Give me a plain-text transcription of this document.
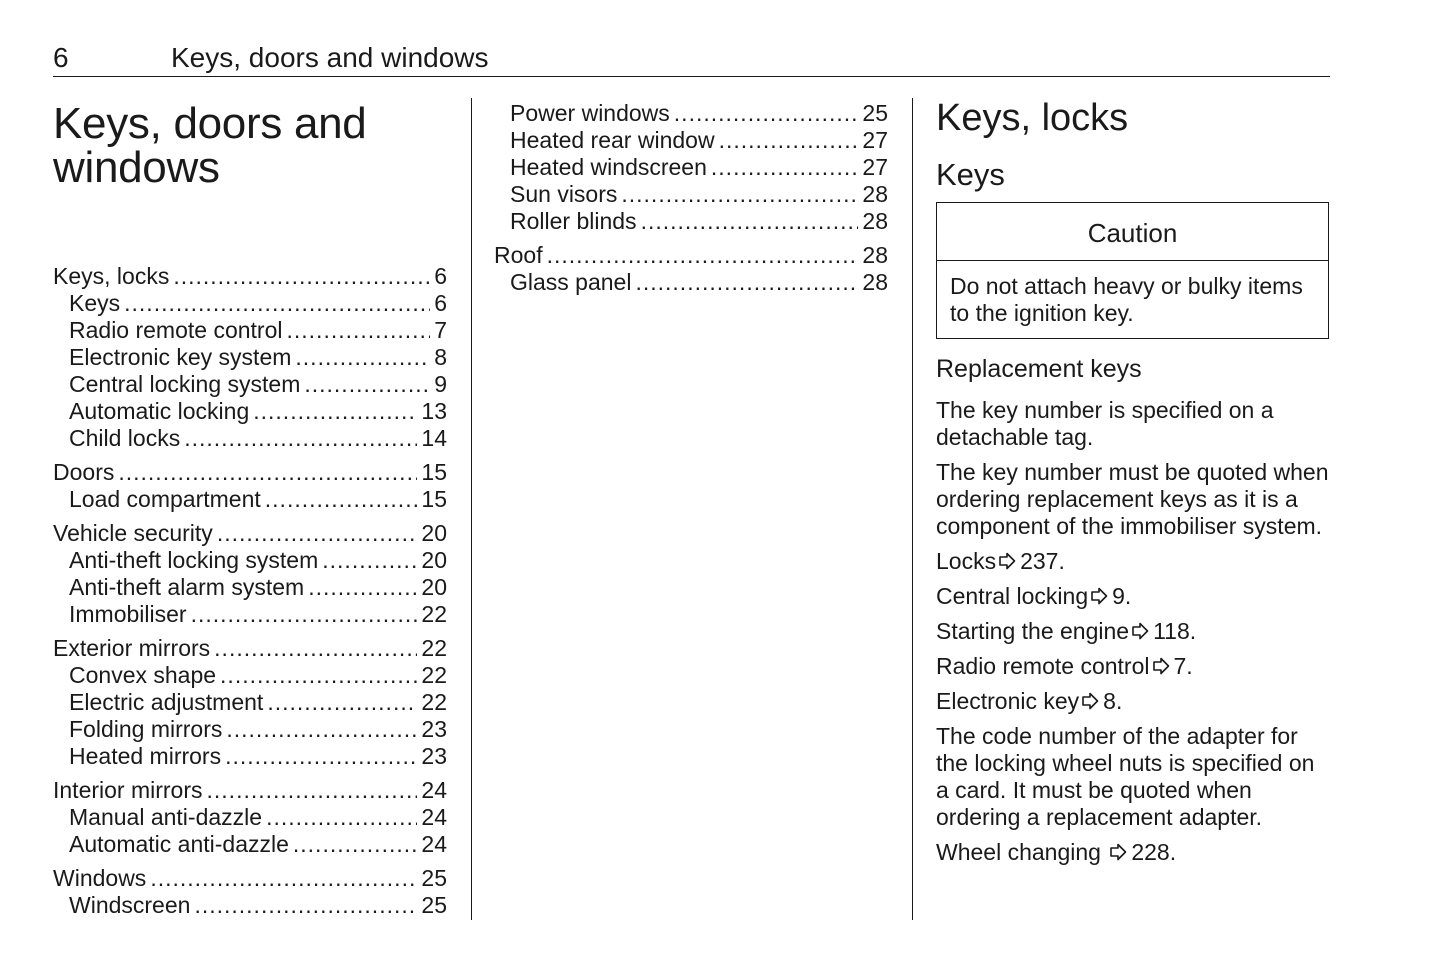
6	Keys, doors and windows
Keys, doors and
windows
Keys, locks .....	6
Keys .....	6
Radio remote control .....	7
Electronic key system .....	8
Central locking system .....	9
Automatic locking .....	13
Child locks .....	14
Doors .....	15
Load compartment .....	15
Vehicle security .....	20
Anti-theft locking system .....	20
Anti-theft alarm system .....	20
Immobiliser .....	22
Exterior mirrors .....	22
Convex shape .....	22
Electric adjustment .....	22
Folding mirrors .....	23
Heated mirrors .....	23
Interior mirrors .....	24
Manual anti-dazzle .....	24
Automatic anti-dazzle .....	24
Windows .....	25
Windscreen .....	25
Power windows .....	25
Heated rear window .....	27
Heated windscreen .....	27
Sun visors .....	28
Roller blinds .....	28
Roof .....	28
Glass panel .....	28
Keys, locks
Keys
Caution
Do not attach heavy or bulky items to the ignition key.
Replacement keys

The key number is specified on a detachable tag.

The key number must be quoted when ordering replacement keys as it is a component of the immobiliser system.

Locks 237.

Central locking 9.

Starting the engine 118.

Radio remote control 7.

Electronic key 8.

The code number of the adapter for the locking wheel nuts is specified on a card. It must be quoted when ordering a replacement adapter.

Wheel changing 228.
